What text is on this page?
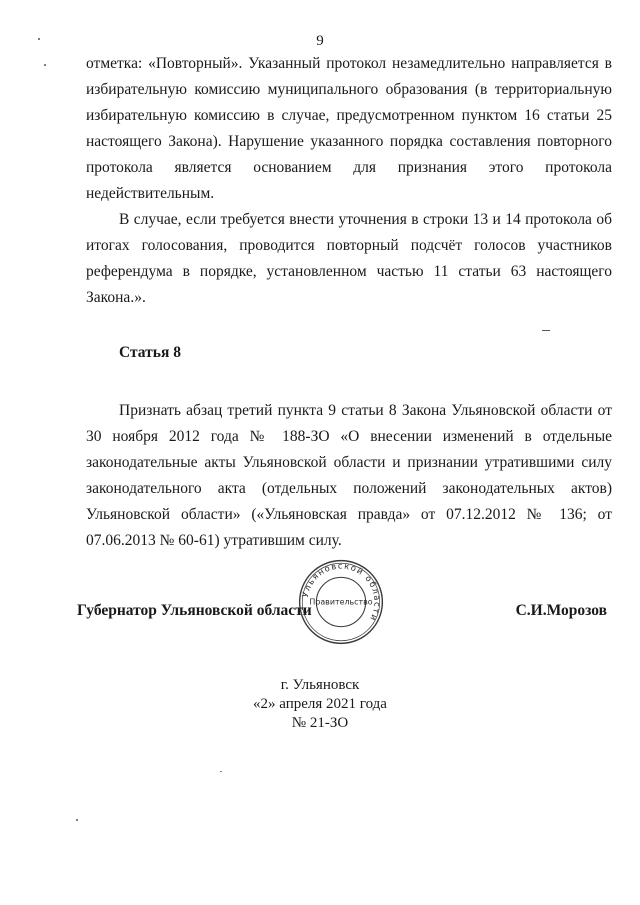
9

отметка: «Повторный». Указанный протокол незамедлительно направляется в избирательную комиссию муниципального образования (в территориальную избирательную комиссию в случае, предусмотренном пунктом 16 статьи 25 настоящего Закона). Нарушение указанного порядка составления повторного протокола является основанием для признания этого протокола недействительным.

В случае, если требуется внести уточнения в строки 13 и 14 протокола об итогах голосования, проводится повторный подсчёт голосов участников референдума в порядке, установленном частью 11 статьи 63 настоящего Закона.».

Статья 8

Признать абзац третий пункта 9 статьи 8 Закона Ульяновской области от 30 ноября 2012 года № 188-ЗО «О внесении изменений в отдельные законодательные акты Ульяновской области и признании утратившими силу законодательного акта (отдельных положений законодательных актов) Ульяновской области» («Ульяновская правда» от 07.12.2012 № 136; от 07.06.2013 № 60-61) утратившим силу.

Губернатор Ульяновской области	С.И.Морозов
Ульяновской области
Правительство
г. Ульяновск
«2» апреля 2021 года
№ 21-ЗО
